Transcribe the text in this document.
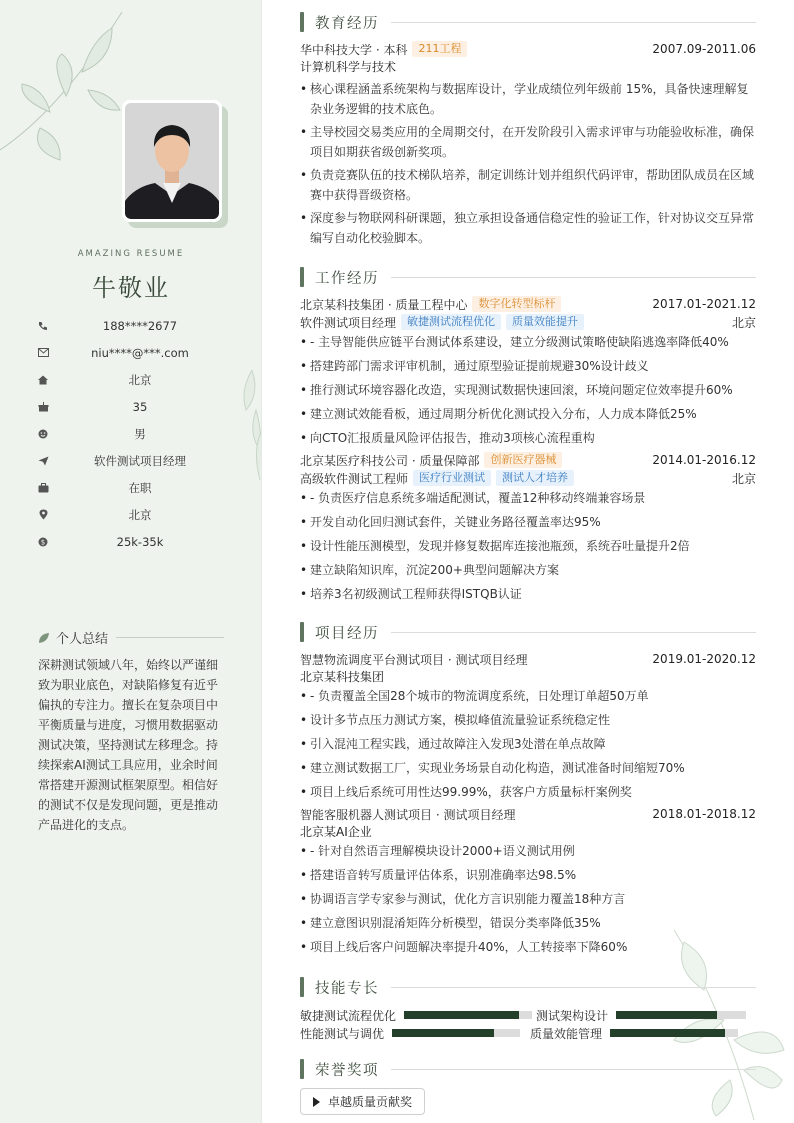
AMAZING RESUME
牛敬业
188****2677
niu****@***.com
北京
35
男
软件测试项目经理
在职
北京
$	25k-35k
个人总结
深耕测试领域八年，始终以严谨细致为职业底色，对缺陷修复有近乎偏执的专注力。擅长在复杂项目中平衡质量与进度，习惯用数据驱动测试决策，坚持测试左移理念。持续探索AI测试工具应用，业余时间常搭建开源测试框架原型。相信好的测试不仅是发现问题，更是推动产品进化的支点。
教育经历
华中科技大学 · 本科	211工程	2007.09-2011.06
计算机科学与技术
• 核心课程涵盖系统架构与数据库设计，学业成绩位列年级前 15%，具备快速理解复杂业务逻辑的技术底色。
• 主导校园交易类应用的全周期交付，在开发阶段引入需求评审与功能验收标准，确保项目如期获省级创新奖项。
• 负责竞赛队伍的技术梯队培养，制定训练计划并组织代码评审，帮助团队成员在区域赛中获得晋级资格。
• 深度参与物联网科研课题，独立承担设备通信稳定性的验证工作，针对协议交互异常编写自动化校验脚本。
工作经历
北京某科技集团 · 质量工程中心	数字化转型标杆	2017.01-2021.12
软件测试项目经理	敏捷测试流程优化	质量效能提升	北京
• - 主导智能供应链平台测试体系建设，建立分级测试策略使缺陷逃逸率降低40%
• 搭建跨部门需求评审机制，通过原型验证提前规避30%设计歧义
• 推行测试环境容器化改造，实现测试数据快速回滚，环境问题定位效率提升60%
• 建立测试效能看板，通过周期分析优化测试投入分布，人力成本降低25%
• 向CTO汇报质量风险评估报告，推动3项核心流程重构
北京某医疗科技公司 · 质量保障部	创新医疗器械	2014.01-2016.12
高级软件测试工程师	医疗行业测试	测试人才培养	北京
• - 负责医疗信息系统多端适配测试，覆盖12种移动终端兼容场景
• 开发自动化回归测试套件，关键业务路径覆盖率达95%
• 设计性能压测模型，发现并修复数据库连接池瓶颈，系统吞吐量提升2倍
• 建立缺陷知识库，沉淀200+典型问题解决方案
• 培养3名初级测试工程师获得ISTQB认证
项目经历
智慧物流调度平台测试项目 · 测试项目经理	2019.01-2020.12
北京某科技集团
• - 负责覆盖全国28个城市的物流调度系统，日处理订单超50万单
• 设计多节点压力测试方案，模拟峰值流量验证系统稳定性
• 引入混沌工程实践，通过故障注入发现3处潜在单点故障
• 建立测试数据工厂，实现业务场景自动化构造，测试准备时间缩短70%
• 项目上线后系统可用性达99.99%，获客户方质量标杆案例奖
智能客服机器人测试项目 · 测试项目经理	2018.01-2018.12
北京某AI企业
• - 针对自然语言理解模块设计2000+语义测试用例
• 搭建语音转写质量评估体系，识别准确率达98.5%
• 协调语言学专家参与测试，优化方言识别能力覆盖18种方言
• 建立意图识别混淆矩阵分析模型，错误分类率降低35%
• 项目上线后客户问题解决率提升40%，人工转接率下降60%
技能专长
敏捷测试流程优化	测试架构设计
性能测试与调优	质量效能管理
荣誉奖项
卓越质量贡献奖
